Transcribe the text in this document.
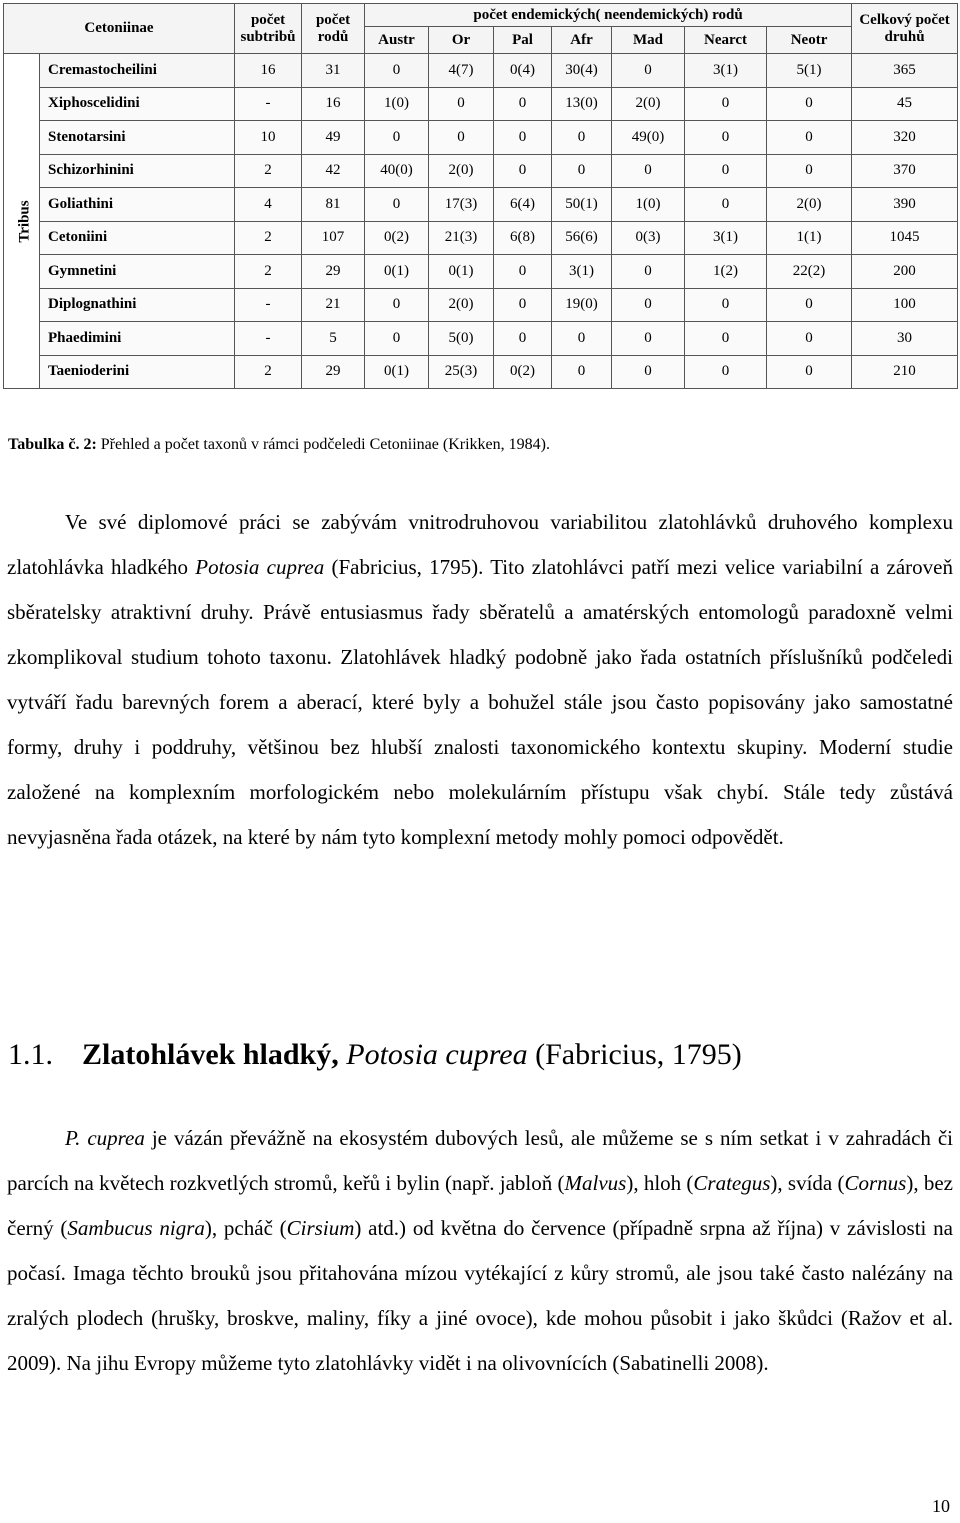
Cetoniinae		počet subtribů	počet rodů	počet endemických( neendemických) rodů							Celkový počet druhů
				Austr	Or	Pal	Afr	Mad	Nearct	Neotr	
Tribus	Cremastocheilini	16	31	0	4(7)	0(4)	30(4)	0	3(1)	5(1)	365
	Xiphoscelidini	-	16	1(0)	0	0	13(0)	2(0)	0	0	45
	Stenotarsini	10	49	0	0	0	0	49(0)	0	0	320
	Schizorhinini	2	42	40(0)	2(0)	0	0	0	0	0	370
	Goliathini	4	81	0	17(3)	6(4)	50(1)	1(0)	0	2(0)	390
	Cetoniini	2	107	0(2)	21(3)	6(8)	56(6)	0(3)	3(1)	1(1)	1045
	Gymnetini	2	29	0(1)	0(1)	0	3(1)	0	1(2)	22(2)	200
	Diplognathini	-	21	0	2(0)	0	19(0)	0	0	0	100
	Phaedimini	-	5	0	5(0)	0	0	0	0	0	30
	Taenioderini	2	29	0(1)	25(3)	0(2)	0	0	0	0	210
Tabulka č. 2: Přehled a počet taxonů v rámci podčeledi Cetoniinae (Krikken, 1984).

Ve své diplomové práci se zabývám vnitrodruhovou variabilitou zlatohlávků druhového komplexu zlatohlávka hladkého Potosia cuprea (Fabricius, 1795). Tito zlatohlávci patří mezi velice variabilní a zároveň sběratelsky atraktivní druhy. Právě entusiasmus řady sběratelů a amatérských entomologů paradoxně velmi zkomplikoval studium tohoto taxonu. Zlatohlávek hladký podobně jako řada ostatních příslušníků podčeledi vytváří řadu barevných forem a aberací, které byly a bohužel stále jsou často popisovány jako samostatné formy, druhy i poddruhy, většinou bez hlubší znalosti taxonomického kontextu skupiny. Moderní studie založené na komplexním morfologickém nebo molekulárním přístupu však chybí. Stále tedy zůstává nevyjasněna řada otázek, na které by nám tyto komplexní metody mohly pomoci odpovědět.

1.1. Zlatohlávek hladký, Potosia cuprea (Fabricius, 1795)

P. cuprea je vázán převážně na ekosystém dubových lesů, ale můžeme se s ním setkat i v zahradách či parcích na květech rozkvetlých stromů, keřů i bylin (např. jabloň (Malvus), hloh (Crategus), svída (Cornus), bez černý (Sambucus nigra), pcháč (Cirsium) atd.) od května do července (případně srpna až října) v závislosti na počasí. Imaga těchto brouků jsou přitahována mízou vytékající z kůry stromů, ale jsou také často nalézány na zralých plodech (hrušky, broskve, maliny, fíky a jiné ovoce), kde mohou působit i jako škůdci (Ražov et al. 2009). Na jihu Evropy můžeme tyto zlatohlávky vidět i na olivovnících (Sabatinelli 2008).

10
